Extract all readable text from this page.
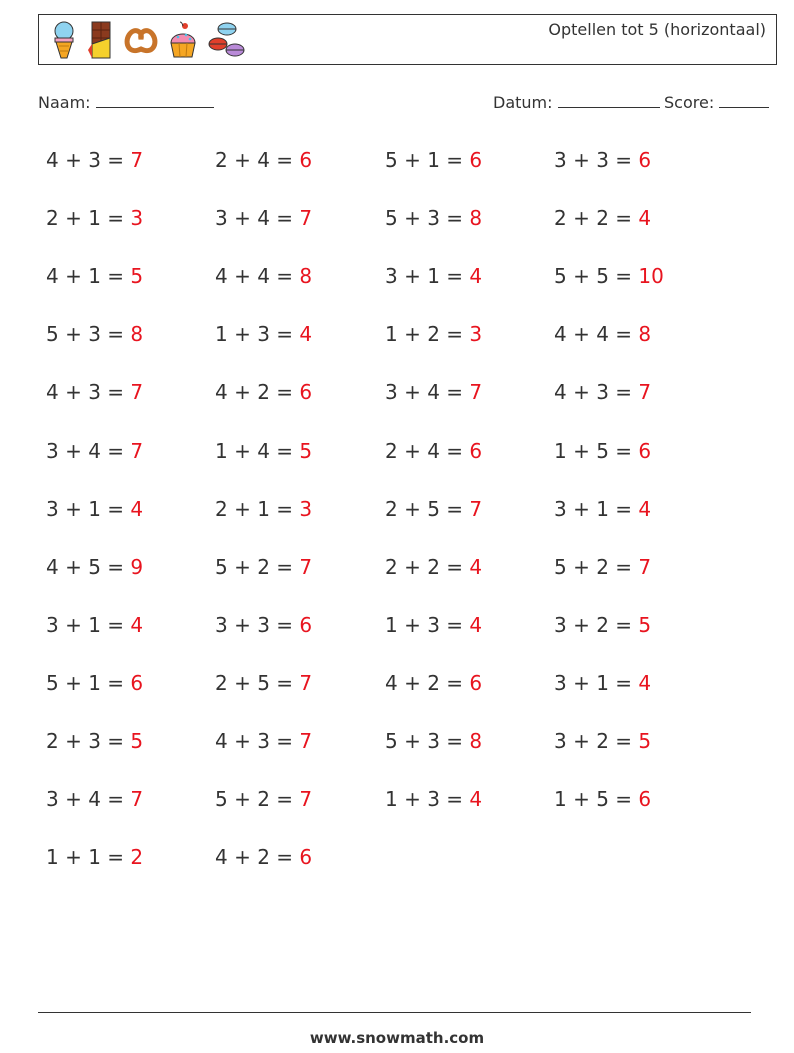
Optellen tot 5 (horizontaal)
Naam:	Datum:	Score:
4 + 3 = 7	2 + 4 = 6	5 + 1 = 6	3 + 3 = 6
2 + 1 = 3	3 + 4 = 7	5 + 3 = 8	2 + 2 = 4
4 + 1 = 5	4 + 4 = 8	3 + 1 = 4	5 + 5 = 10
5 + 3 = 8	1 + 3 = 4	1 + 2 = 3	4 + 4 = 8
4 + 3 = 7	4 + 2 = 6	3 + 4 = 7	4 + 3 = 7
3 + 4 = 7	1 + 4 = 5	2 + 4 = 6	1 + 5 = 6
3 + 1 = 4	2 + 1 = 3	2 + 5 = 7	3 + 1 = 4
4 + 5 = 9	5 + 2 = 7	2 + 2 = 4	5 + 2 = 7
3 + 1 = 4	3 + 3 = 6	1 + 3 = 4	3 + 2 = 5
5 + 1 = 6	2 + 5 = 7	4 + 2 = 6	3 + 1 = 4
2 + 3 = 5	4 + 3 = 7	5 + 3 = 8	3 + 2 = 5
3 + 4 = 7	5 + 2 = 7	1 + 3 = 4	1 + 5 = 6
1 + 1 = 2	4 + 2 = 6
www.snowmath.com
